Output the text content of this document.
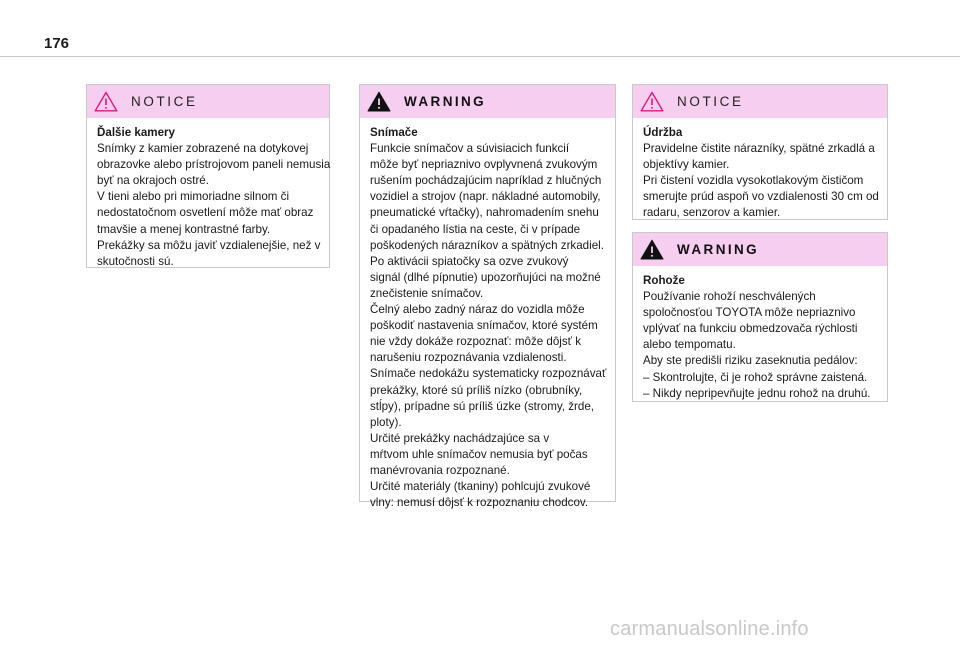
176
NOTICE
Ďalšie kamery
Snímky z kamier zobrazené na dotykovej
obrazovke alebo prístrojovom paneli nemusia
byť na okrajoch ostré.
V tieni alebo pri mimoriadne silnom či
nedostatočnom osvetlení môže mať obraz
tmavšie a menej kontrastné farby.
Prekážky sa môžu javiť vzdialenejšie, než v
skutočnosti sú.
WARNING
Snímače
Funkcie snímačov a súvisiacich funkcií
môže byť nepriaznivo ovplyvnená zvukovým
rušením pochádzajúcim napríklad z hlučných
vozidiel a strojov (napr. nákladné automobily,
pneumatické vŕtačky), nahromadením snehu
či opadaného lístia na ceste, či v prípade
poškodených nárazníkov a spätných zrkadiel.
Po aktivácii spiatočky sa ozve zvukový
signál (dlhé pípnutie) upozorňujúci na možné
znečistenie snímačov.
Čelný alebo zadný náraz do vozidla môže
poškodiť nastavenia snímačov, ktoré systém
nie vždy dokáže rozpoznať: môže dôjsť k
narušeniu rozpoznávania vzdialenosti.
Snímače nedokážu systematicky rozpoznávať
prekážky, ktoré sú príliš nízko (obrubníky,
stĺpy), prípadne sú príliš úzke (stromy, žrde,
ploty).
Určité prekážky nachádzajúce sa v
mŕtvom uhle snímačov nemusia byť počas
manévrovania rozpoznané.
Určité materiály (tkaniny) pohlcujú zvukové
vlny: nemusí dôjsť k rozpoznaniu chodcov.
NOTICE
Údržba
Pravidelne čistite nárazníky, spätné zrkadlá a
objektívy kamier.
Pri čistení vozidla vysokotlakovým čističom
smerujte prúd aspoň vo vzdialenosti 30 cm od
radaru, senzorov a kamier.
WARNING
Rohože
Používanie rohoží neschválených
spoločnosťou TOYOTA môže nepriaznivo
vplývať na funkciu obmedzovača rýchlosti
alebo tempomatu.
Aby ste predišli riziku zaseknutia pedálov:
– Skontrolujte, či je rohož správne zaistená.
– Nikdy nepripevňujte jednu rohož na druhú.
carmanualsonline.info
